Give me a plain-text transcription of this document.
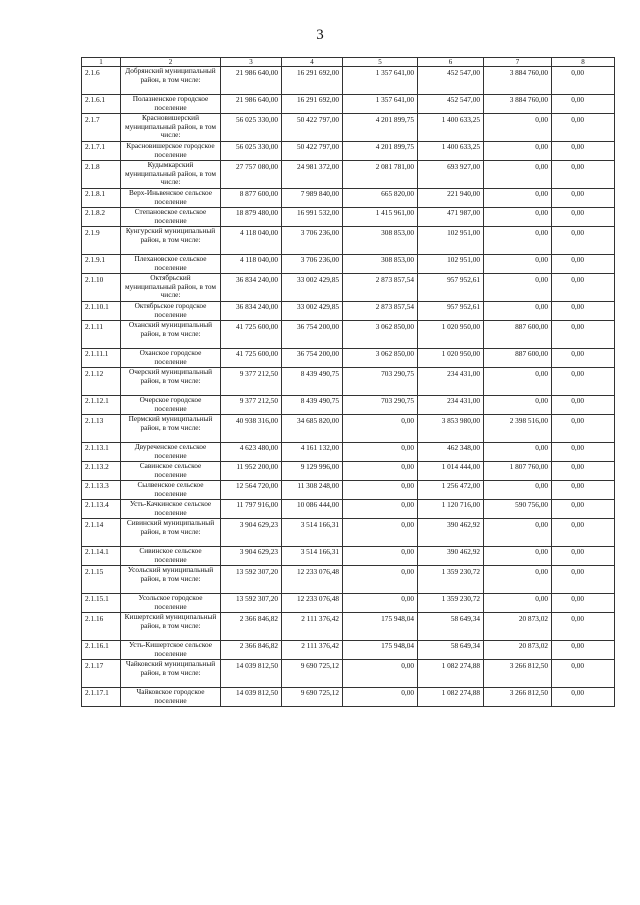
3
1	2	3	4	5	6	7	8
2.1.6	Добрянский муниципальный район, в том числе:	21 986 640,00	16 291 692,00	1 357 641,00	452 547,00	3 884 760,00	0,00
2.1.6.1	Полазненское городское поселение	21 986 640,00	16 291 692,00	1 357 641,00	452 547,00	3 884 760,00	0,00
2.1.7	Красновишерский муниципальный район, в том числе:	56 025 330,00	50 422 797,00	4 201 899,75	1 400 633,25	0,00	0,00
2.1.7.1	Красновишерское городское поселение	56 025 330,00	50 422 797,00	4 201 899,75	1 400 633,25	0,00	0,00
2.1.8	Кудымкарский муниципальный район, в том числе:	27 757 080,00	24 981 372,00	2 081 781,00	693 927,00	0,00	0,00
2.1.8.1	Верх-Иньвенское сельское поселение	8 877 600,00	7 989 840,00	665 820,00	221 940,00	0,00	0,00
2.1.8.2	Степановское сельское поселение	18 879 480,00	16 991 532,00	1 415 961,00	471 987,00	0,00	0,00
2.1.9	Кунгурский муниципальный район, в том числе:	4 118 040,00	3 706 236,00	308 853,00	102 951,00	0,00	0,00
2.1.9.1	Плехановское сельское поселение	4 118 040,00	3 706 236,00	308 853,00	102 951,00	0,00	0,00
2.1.10	Октябрьский муниципальный район, в том числе:	36 834 240,00	33 002 429,85	2 873 857,54	957 952,61	0,00	0,00
2.1.10.1	Октябрьское городское поселение	36 834 240,00	33 002 429,85	2 873 857,54	957 952,61	0,00	0,00
2.1.11	Оханский муниципальный район, в том числе:	41 725 600,00	36 754 200,00	3 062 850,00	1 020 950,00	887 600,00	0,00
2.1.11.1	Оханское городское поселение	41 725 600,00	36 754 200,00	3 062 850,00	1 020 950,00	887 600,00	0,00
2.1.12	Очерский муниципальный район, в том числе:	9 377 212,50	8 439 490,75	703 290,75	234 431,00	0,00	0,00
2.1.12.1	Очерское городское поселение	9 377 212,50	8 439 490,75	703 290,75	234 431,00	0,00	0,00
2.1.13	Пермский муниципальный район, в том числе:	40 938 316,00	34 685 820,00	0,00	3 853 980,00	2 398 516,00	0,00
2.1.13.1	Двуреченское сельское поселение	4 623 480,00	4 161 132,00	0,00	462 348,00	0,00	0,00
2.1.13.2	Савинское сельское поселение	11 952 200,00	9 129 996,00	0,00	1 014 444,00	1 807 760,00	0,00
2.1.13.3	Сылвенское сельское поселение	12 564 720,00	11 308 248,00	0,00	1 256 472,00	0,00	0,00
2.1.13.4	Усть-Качкинское сельское поселение	11 797 916,00	10 086 444,00	0,00	1 120 716,00	590 756,00	0,00
2.1.14	Сивинский муниципальный район, в том числе:	3 904 629,23	3 514 166,31	0,00	390 462,92	0,00	0,00
2.1.14.1	Сивинское сельское поселение	3 904 629,23	3 514 166,31	0,00	390 462,92	0,00	0,00
2.1.15	Усольский муниципальный район, в том числе:	13 592 307,20	12 233 076,48	0,00	1 359 230,72	0,00	0,00
2.1.15.1	Усольское городское поселение	13 592 307,20	12 233 076,48	0,00	1 359 230,72	0,00	0,00
2.1.16	Кишертский муниципальный район, в том числе:	2 366 846,82	2 111 376,42	175 948,04	58 649,34	20 873,02	0,00
2.1.16.1	Усть-Кишертское сельское поселение	2 366 846,82	2 111 376,42	175 948,04	58 649,34	20 873,02	0,00
2.1.17	Чайковский муниципальный район, в том числе:	14 039 812,50	9 690 725,12	0,00	1 082 274,88	3 266 812,50	0,00
2.1.17.1	Чайковское городское поселение	14 039 812,50	9 690 725,12	0,00	1 082 274,88	3 266 812,50	0,00
